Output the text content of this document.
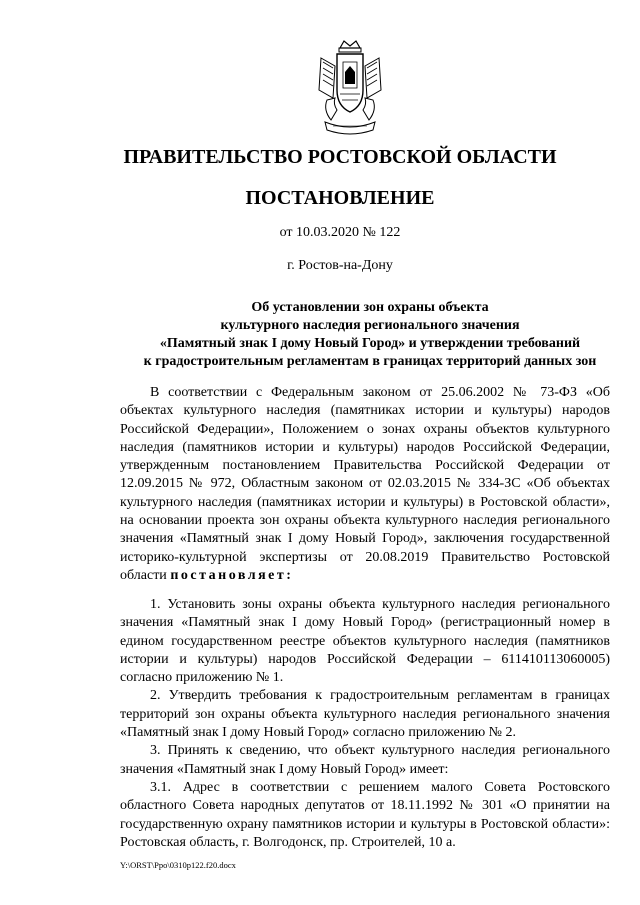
ПРАВИТЕЛЬСТВО РОСТОВСКОЙ ОБЛАСТИ
ПОСТАНОВЛЕНИЕ
от 10.03.2020 № 122
г. Ростов-на-Дону
Об установлении зон охраны объекта
культурного наследия регионального значения
«Памятный знак I дому Новый Город» и утверждении требований
к градостроительным регламентам в границах территорий данных зон

В соответствии с Федеральным законом от 25.06.2002 № 73-ФЗ «Об объектах культурного наследия (памятниках истории и культуры) народов Российской Федерации», Положением о зонах охраны объектов культурного наследия (памятников истории и культуры) народов Российской Федерации, утвержденным постановлением Правительства Российской Федерации от 12.09.2015 № 972, Областным законом от 02.03.2015 № 334-ЗС «Об объектах культурного наследия (памятниках истории и культуры) в Ростовской области», на основании проекта зон охраны объекта культурного наследия регионального значения «Памятный знак I дому Новый Город», заключения государственной историко-культурной экспертизы от 20.08.2019 Правительство Ростовской области постановляет:

1. Установить зоны охраны объекта культурного наследия регионального значения «Памятный знак I дому Новый Город» (регистрационный номер в едином государственном реестре объектов культурного наследия (памятников истории и культуры) народов Российской Федерации – 611410113060005) согласно приложению № 1.

2. Утвердить требования к градостроительным регламентам в границах территорий зон охраны объекта культурного наследия регионального значения «Памятный знак I дому Новый Город» согласно приложению № 2.

3. Принять к сведению, что объект культурного наследия регионального значения «Памятный знак I дому Новый Город» имеет:

3.1. Адрес в соответствии с решением малого Совета Ростовского областного Совета народных депутатов от 18.11.1992 № 301 «О принятии на государственную охрану памятников истории и культуры в Ростовской области»: Ростовская область, г. Волгодонск, пр. Строителей, 10 а.

Y:\ORST\Ppo\0310p122.f20.docx
